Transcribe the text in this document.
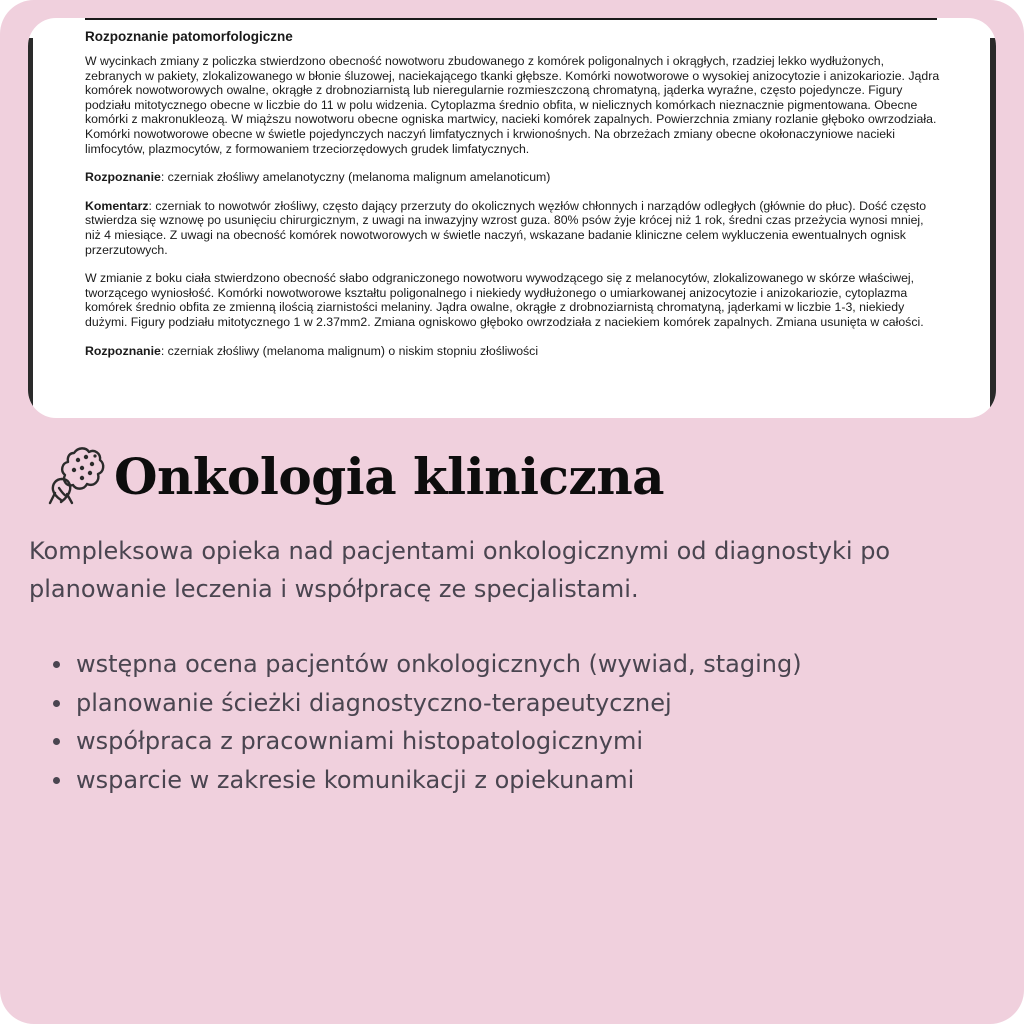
Rozpoznanie patomorfologiczne

W wycinkach zmiany z policzka stwierdzono obecność nowotworu zbudowanego z komórek poligonalnych i okrągłych, rzadziej lekko wydłużonych, zebranych w pakiety, zlokalizowanego w błonie śluzowej, naciekającego tkanki głębsze. Komórki nowotworowe o wysokiej anizocytozie i anizokariozie. Jądra komórek nowotworowych owalne, okrągłe z drobnoziarnistą lub nieregularnie rozmieszczoną chromatyną, jąderka wyraźne, często pojedyncze. Figury podziału mitotycznego obecne w liczbie do 11 w polu widzenia. Cytoplazma średnio obfita, w nielicznych komórkach nieznacznie pigmentowana. Obecne komórki z makronukleozą. W miąższu nowotworu obecne ogniska martwicy, nacieki komórek zapalnych. Powierzchnia zmiany rozlanie głęboko owrzodziała. Komórki nowotworowe obecne w świetle pojedynczych naczyń limfatycznych i krwionośnych. Na obrzeżach zmiany obecne okołonaczyniowe nacieki limfocytów, plazmocytów, z formowaniem trzeciorzędowych grudek limfatycznych.

Rozpoznanie: czerniak złośliwy amelanotyczny (melanoma malignum amelanoticum)

Komentarz: czerniak to nowotwór złośliwy, często dający przerzuty do okolicznych węzłów chłonnych i narządów odległych (głównie do płuc). Dość często stwierdza się wznowę po usunięciu chirurgicznym, z uwagi na inwazyjny wzrost guza. 80% psów żyje krócej niż 1 rok, średni czas przeżycia wynosi mniej, niż 4 miesiące. Z uwagi na obecność komórek nowotworowych w świetle naczyń, wskazane badanie kliniczne celem wykluczenia ewentualnych ognisk przerzutowych.

W zmianie z boku ciała stwierdzono obecność słabo odgraniczonego nowotworu wywodzącego się z melanocytów, zlokalizowanego w skórze właściwej, tworzącego wyniosłość. Komórki nowotworowe kształtu poligonalnego i niekiedy wydłużonego o umiarkowanej anizocytozie i anizokariozie, cytoplazma komórek średnio obfita ze zmienną ilością ziarnistości melaniny. Jądra owalne, okrągłe z drobnoziarnistą chromatyną, jąderkami w liczbie 1-3, niekiedy dużymi. Figury podziału mitotycznego 1 w 2.37mm2. Zmiana ogniskowo głęboko owrzodziała z naciekiem komórek zapalnych. Zmiana usunięta w całości.

Rozpoznanie: czerniak złośliwy (melanoma malignum) o niskim stopniu złośliwości

Onkologia kliniczna

Kompleksowa opieka nad pacjentami onkologicznymi od diagnostyki po planowanie leczenia i współpracę ze specjalistami.

wstępna ocena pacjentów onkologicznych (wywiad, staging)
planowanie ścieżki diagnostyczno-terapeutycznej
współpraca z pracowniami histopatologicznymi
wsparcie w zakresie komunikacji z opiekunami
